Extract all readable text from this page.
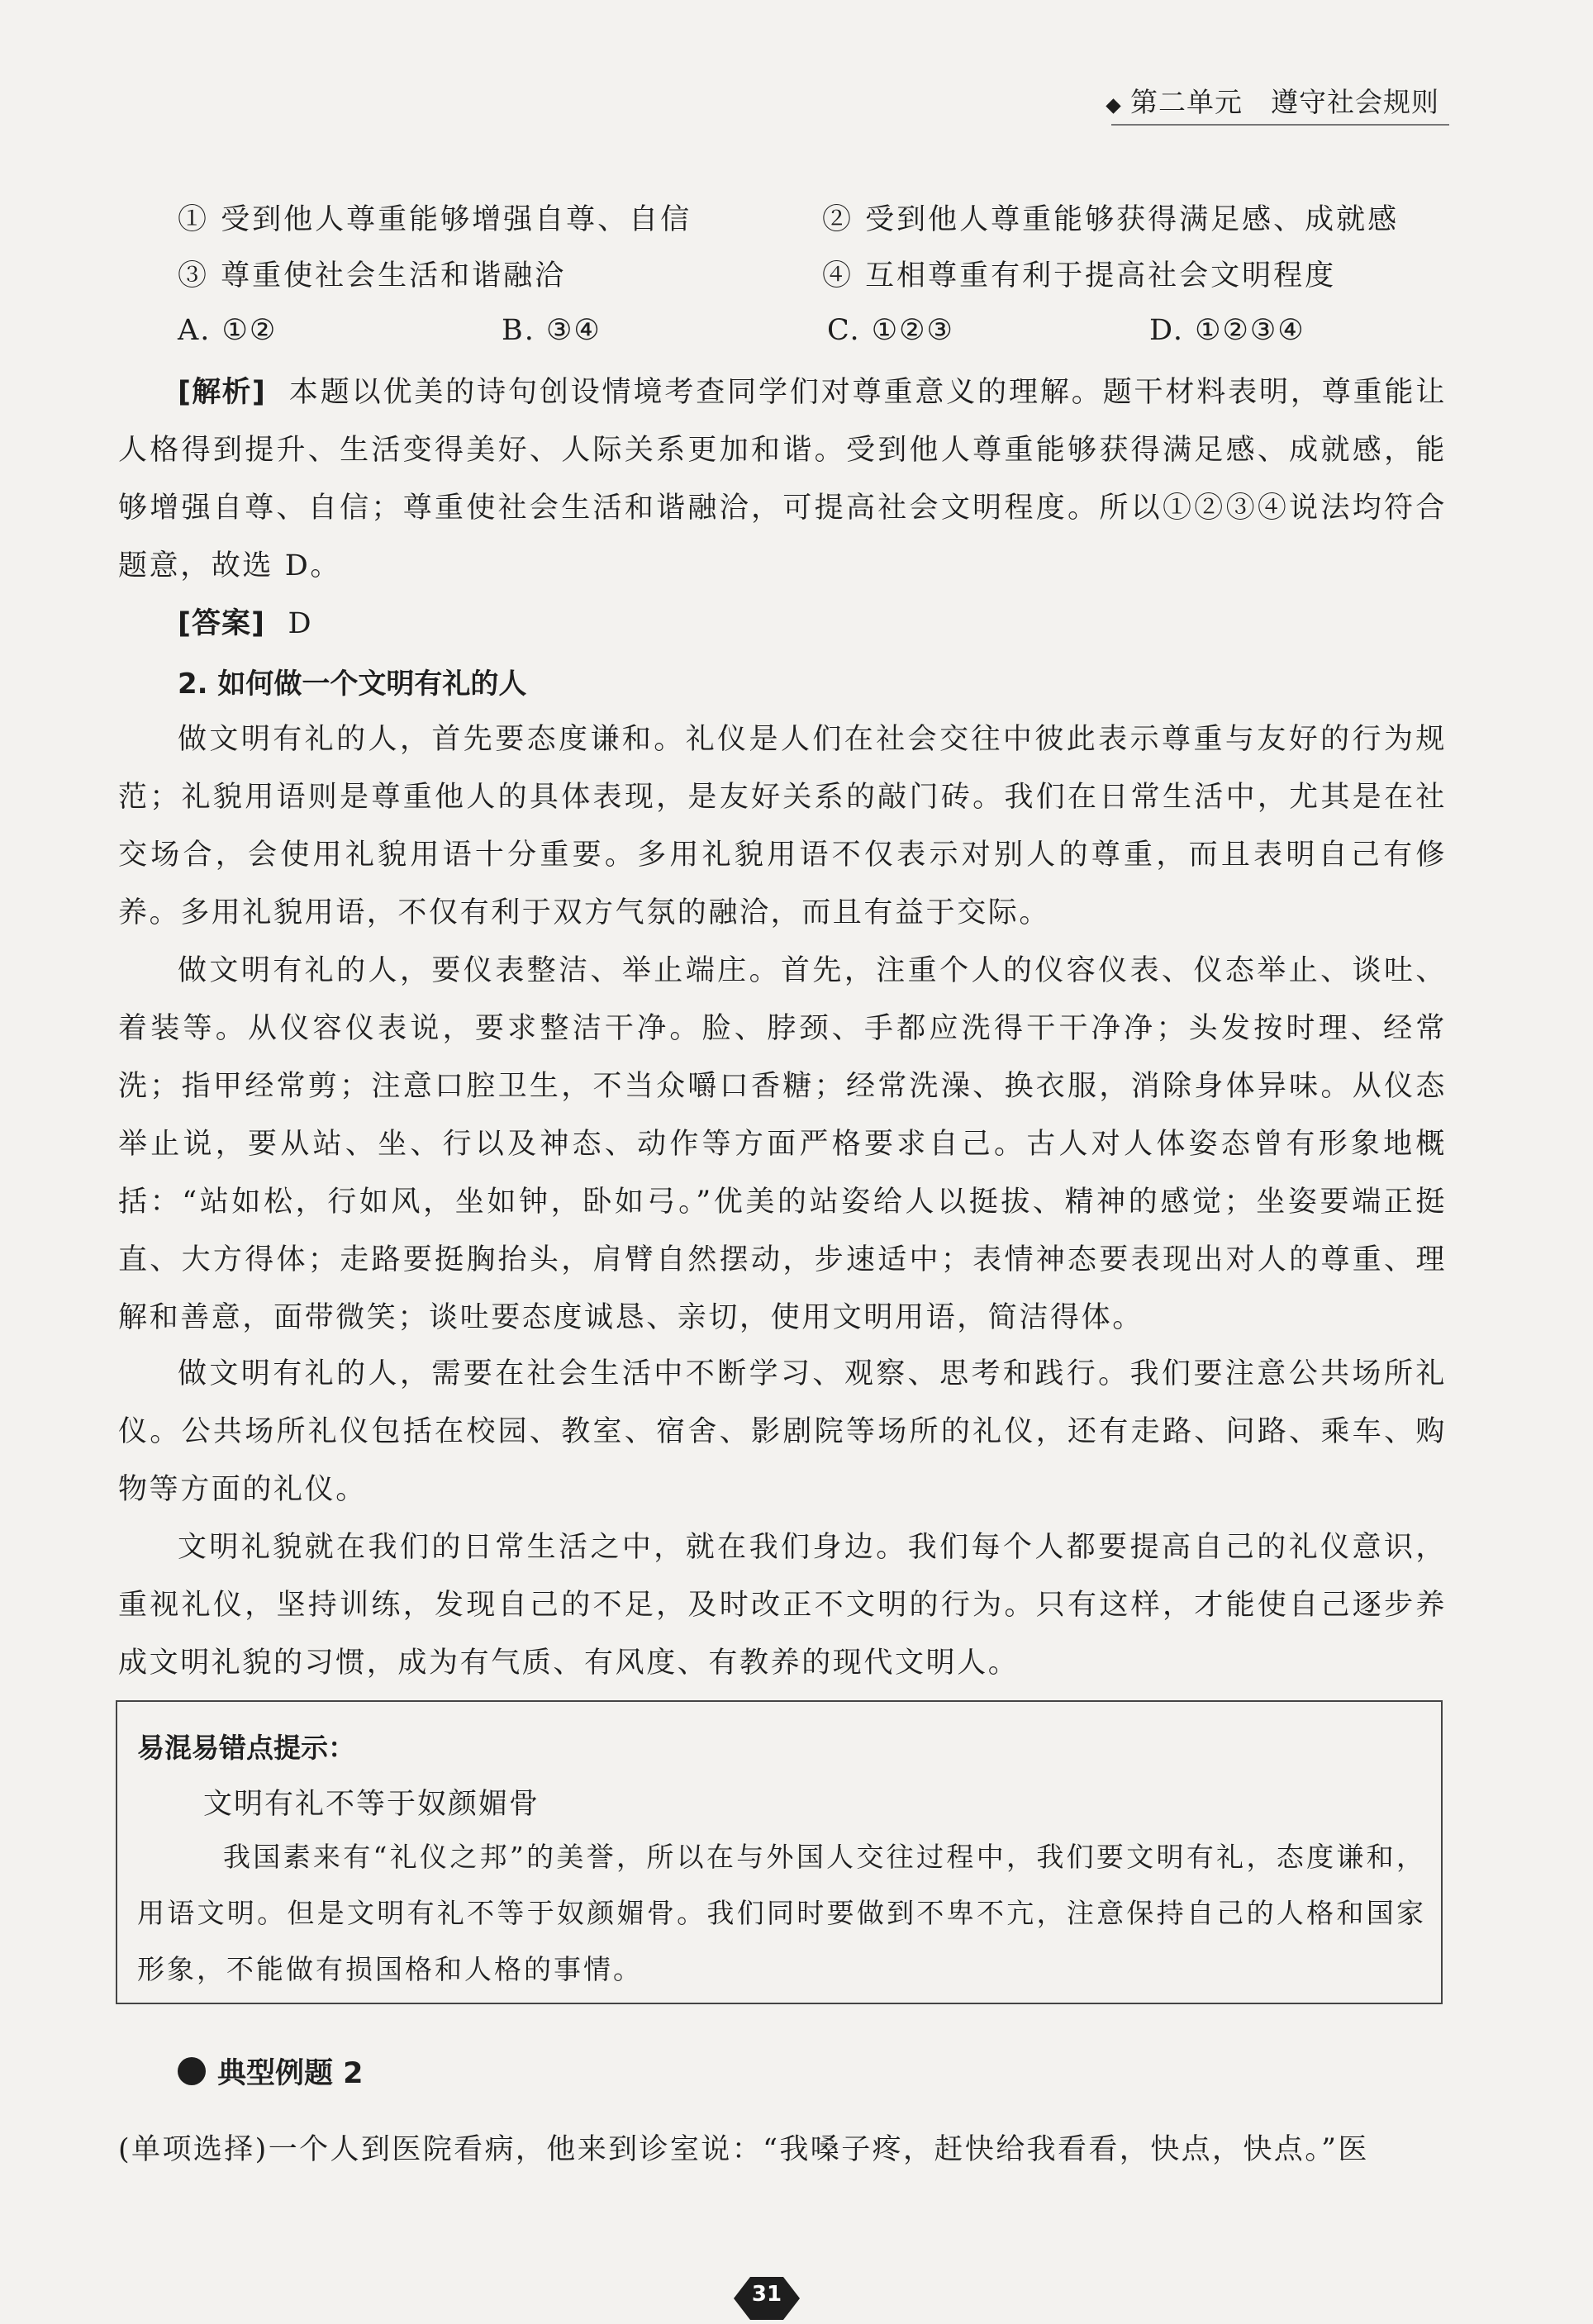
第二单元　遵守社会规则
① 受到他人尊重能够增强自尊、自信	② 受到他人尊重能够获得满足感、成就感
③ 尊重使社会生活和谐融洽	④ 互相尊重有利于提高社会文明程度
A. ①②	B. ③④	C. ①②③	D. ①②③④
[解析] 本题以优美的诗句创设情境考查同学们对尊重意义的理解。题干材料表明，尊重能让人格得到提升、生活变得美好、人际关系更加和谐。受到他人尊重能够获得满足感、成就感，能够增强自尊、自信；尊重使社会生活和谐融洽，可提高社会文明程度。所以①②③④说法均符合题意，故选 D。
[答案] D
2. 如何做一个文明有礼的人
做文明有礼的人，首先要态度谦和。礼仪是人们在社会交往中彼此表示尊重与友好的行为规范；礼貌用语则是尊重他人的具体表现，是友好关系的敲门砖。我们在日常生活中，尤其是在社交场合，会使用礼貌用语十分重要。多用礼貌用语不仅表示对别人的尊重，而且表明自己有修养。多用礼貌用语，不仅有利于双方气氛的融洽，而且有益于交际。
做文明有礼的人，要仪表整洁、举止端庄。首先，注重个人的仪容仪表、仪态举止、谈吐、着装等。从仪容仪表说，要求整洁干净。脸、脖颈、手都应洗得干干净净；头发按时理、经常洗；指甲经常剪；注意口腔卫生，不当众嚼口香糖；经常洗澡、换衣服，消除身体异味。从仪态举止说，要从站、坐、行以及神态、动作等方面严格要求自己。古人对人体姿态曾有形象地概括：“站如松，行如风，坐如钟，卧如弓。”优美的站姿给人以挺拔、精神的感觉；坐姿要端正挺直、大方得体；走路要挺胸抬头，肩臂自然摆动，步速适中；表情神态要表现出对人的尊重、理解和善意，面带微笑；谈吐要态度诚恳、亲切，使用文明用语，简洁得体。
做文明有礼的人，需要在社会生活中不断学习、观察、思考和践行。我们要注意公共场所礼仪。公共场所礼仪包括在校园、教室、宿舍、影剧院等场所的礼仪，还有走路、问路、乘车、购物等方面的礼仪。
文明礼貌就在我们的日常生活之中，就在我们身边。我们每个人都要提高自己的礼仪意识，重视礼仪，坚持训练，发现自己的不足，及时改正不文明的行为。只有这样，才能使自己逐步养成文明礼貌的习惯，成为有气质、有风度、有教养的现代文明人。
易混易错点提示：
文明有礼不等于奴颜媚骨
我国素来有“礼仪之邦”的美誉，所以在与外国人交往过程中，我们要文明有礼，态度谦和，用语文明。但是文明有礼不等于奴颜媚骨。我们同时要做到不卑不亢，注意保持自己的人格和国家形象，不能做有损国格和人格的事情。
典型例题 2
(单项选择)一个人到医院看病，他来到诊室说：“我嗓子疼，赶快给我看看，快点，快点。”医
31
